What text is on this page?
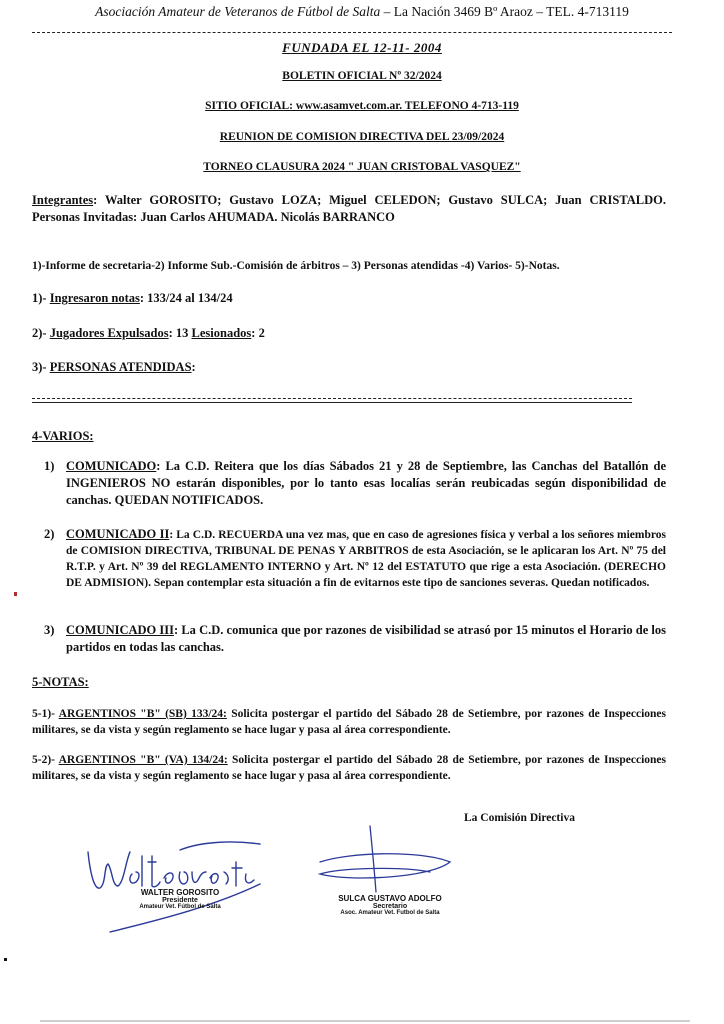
Asociación Amateur de Veteranos de Fútbol de Salta – La Nación 3469 Bº Araoz – TEL. 4-713119
FUNDADA EL 12-11- 2004
BOLETIN OFICIAL Nº 32/2024
SITIO OFICIAL: www.asamvet.com.ar. TELEFONO 4-713-119
REUNION DE COMISION DIRECTIVA DEL 23/09/2024
TORNEO CLAUSURA 2024 " JUAN CRISTOBAL VASQUEZ"
Integrantes: Walter GOROSITO; Gustavo LOZA; Miguel CELEDON; Gustavo SULCA; Juan CRISTALDO. Personas Invitadas: Juan Carlos AHUMADA. Nicolás BARRANCO
1)-Informe de secretaria-2) Informe Sub.-Comisión de árbitros – 3) Personas atendidas -4) Varios- 5)-Notas.
1)- Ingresaron notas: 133/24 al 134/24
2)- Jugadores Expulsados: 13 Lesionados: 2
3)- PERSONAS ATENDIDAS:
4-VARIOS:
1) COMUNICADO: La C.D. Reitera que los días Sábados 21 y 28 de Septiembre, las Canchas del Batallón de INGENIEROS NO estarán disponibles, por lo tanto esas localías serán reubicadas según disponibilidad de canchas. QUEDAN NOTIFICADOS.
2) COMUNICADO II: La C.D. RECUERDA una vez mas, que en caso de agresiones física y verbal a los señores miembros de COMISION DIRECTIVA, TRIBUNAL DE PENAS Y ARBITROS de esta Asociación, se le aplicaran los Art. Nº 75 del R.T.P. y Art. Nº 39 del REGLAMENTO INTERNO y Art. Nº 12 del ESTATUTO que rige a esta Asociación. (DERECHO DE ADMISION). Sepan contemplar esta situación a fin de evitarnos este tipo de sanciones severas. Quedan notificados.
3) COMUNICADO III: La C.D. comunica que por razones de visibilidad se atrasó por 15 minutos el Horario de los partidos en todas las canchas.
5-NOTAS:
5-1)- ARGENTINOS "B" (SB) 133/24: Solicita postergar el partido del Sábado 28 de Setiembre, por razones de Inspecciones militares, se da vista y según reglamento se hace lugar y pasa al área correspondiente.
5-2)- ARGENTINOS "B" (VA) 134/24: Solicita postergar el partido del Sábado 28 de Setiembre, por razones de Inspecciones militares, se da vista y según reglamento se hace lugar y pasa al área correspondiente.
La Comisión Directiva
WALTER GOROSITO
Presidente
Amateur Vet. Fútbol de Salta
SULCA GUSTAVO ADOLFO
Secretario
Asoc. Amateur Vet. Futbol de Salta
